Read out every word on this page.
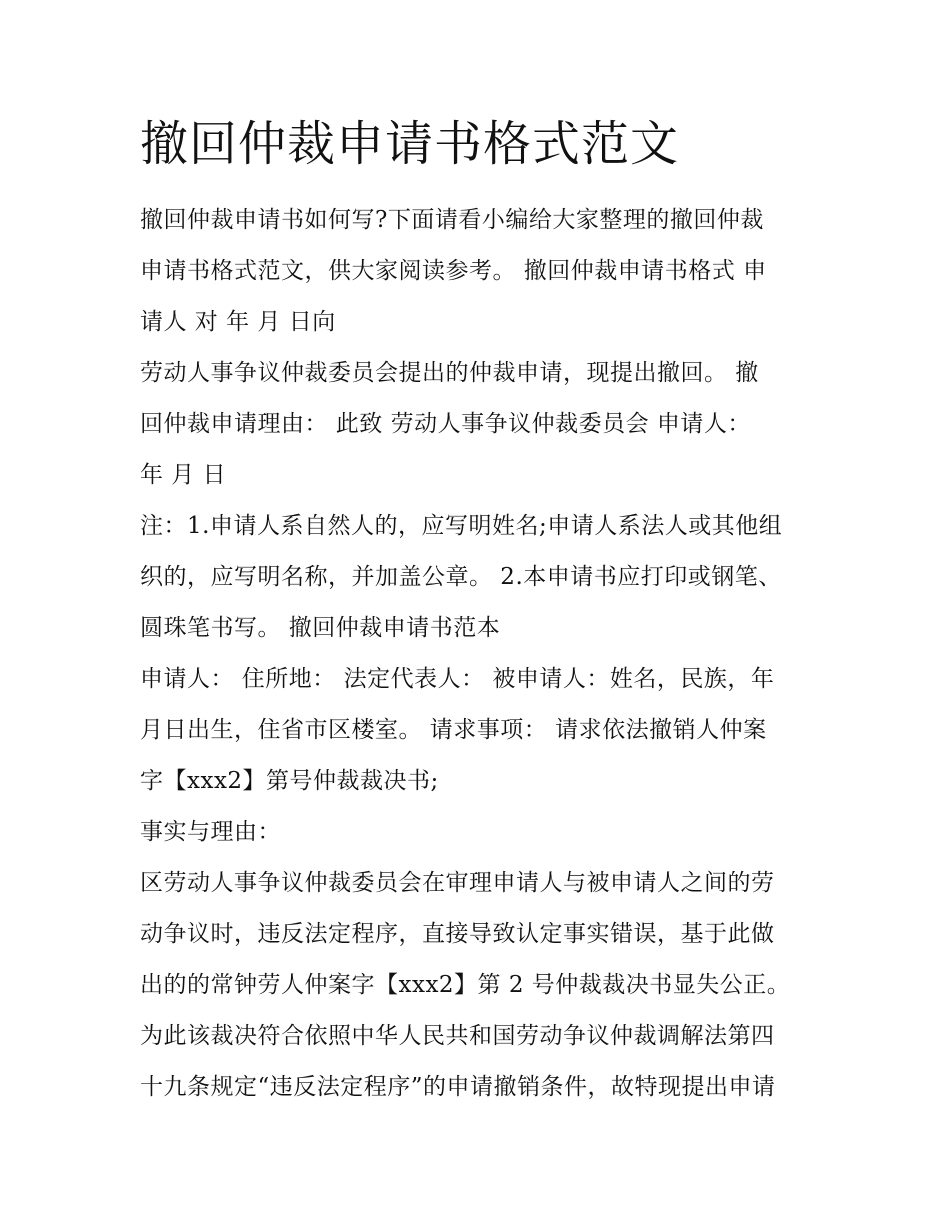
撤回仲裁申请书格式范文
撤回仲裁申请书如何写?下面请看小编给大家整理的撤回仲裁
申请书格式范文，供大家阅读参考。 撤回仲裁申请书格式 申
请人 对 年 月 日向
劳动人事争议仲裁委员会提出的仲裁申请，现提出撤回。 撤
回仲裁申请理由： 此致 劳动人事争议仲裁委员会 申请人：
年 月 日
注：1.申请人系自然人的，应写明姓名;申请人系法人或其他组
织的，应写明名称，并加盖公章。 2.本申请书应打印或钢笔、
圆珠笔书写。 撤回仲裁申请书范本
申请人： 住所地： 法定代表人： 被申请人：姓名，民族，年
月日出生，住省市区楼室。 请求事项： 请求依法撤销人仲案
字【xxx2】第号仲裁裁决书;
事实与理由：
区劳动人事争议仲裁委员会在审理申请人与被申请人之间的劳
动争议时，违反法定程序，直接导致认定事实错误，基于此做
出的的常钟劳人仲案字【xxx2】第 2 号仲裁裁决书显失公正。
为此该裁决符合依照中华人民共和国劳动争议仲裁调解法第四
十九条规定“违反法定程序”的申请撤销条件，故特现提出申请
